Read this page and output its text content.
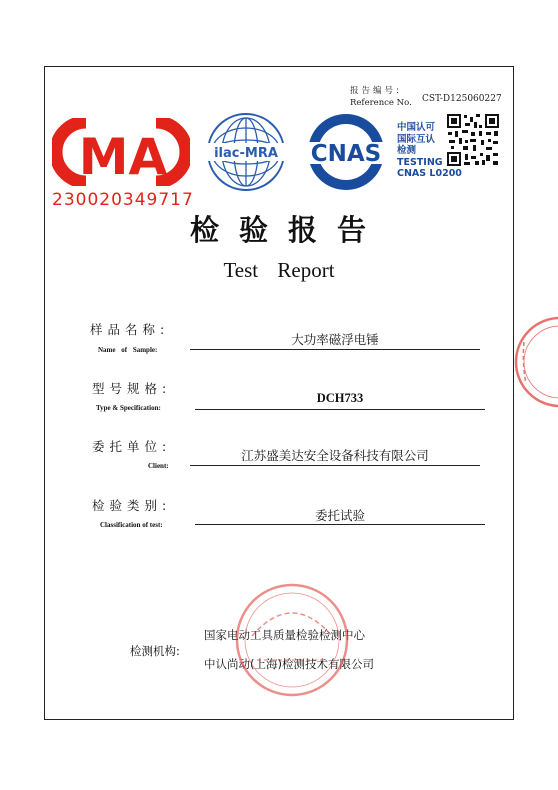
报告编号:
Reference No. CST-D125060227
MA
230020349717
ilac-MRA CNAS
中国认可
国际互认
检测
TESTING
CNAS L0200
检验报告
Test Report
样品名称:
Name of Sample:
大功率磁浮电锤
型号规格:
Type & Specification:
DCH733
委托单位:
Client:
江苏盛美达安全设备科技有限公司
检验类别:
Classification of test:
委托试验
检测机构:
国家电动工具质量检验检测中心
中认尚动(上海)检测技术有限公司
